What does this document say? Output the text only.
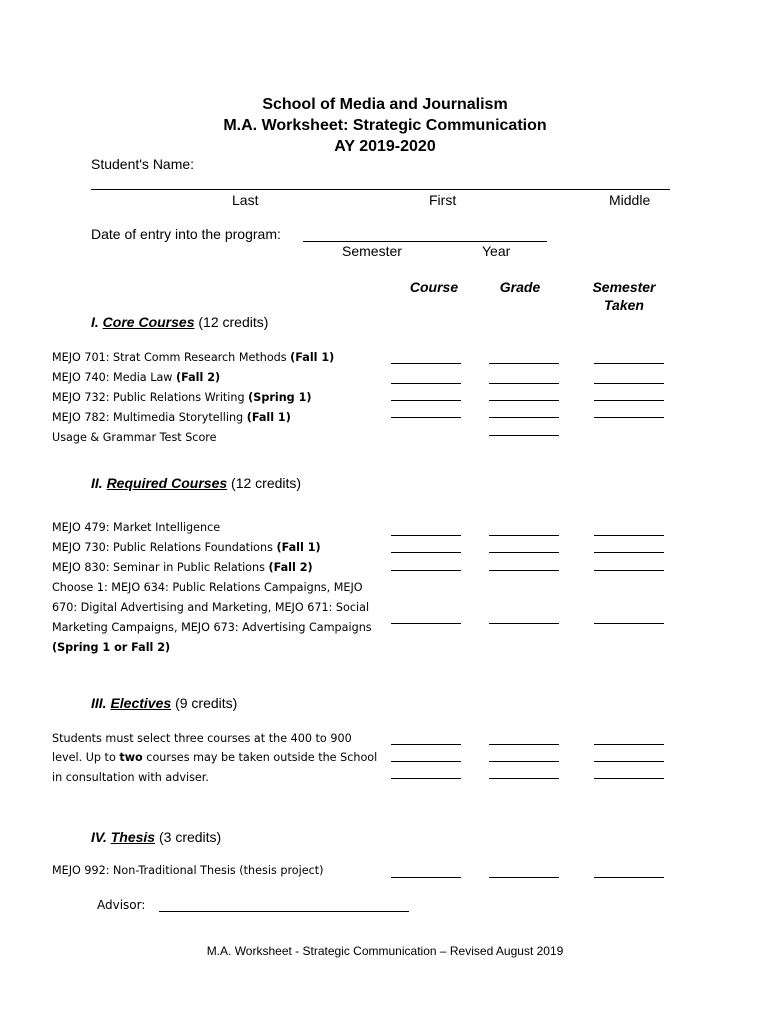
School of Media and Journalism
M.A. Worksheet: Strategic Communication
AY 2019-2020
Student's Name:
Last	First	Middle
Date of entry into the program:
Semester	Year
Course	Grade	Semester
Taken
I. Core Courses (12 credits)
MEJO 701: Strat Comm Research Methods (Fall 1)
MEJO 740: Media Law (Fall 2)
MEJO 732: Public Relations Writing (Spring 1)
MEJO 782: Multimedia Storytelling (Fall 1)
Usage & Grammar Test Score
II. Required Courses (12 credits)
MEJO 479: Market Intelligence
MEJO 730: Public Relations Foundations (Fall 1)
MEJO 830: Seminar in Public Relations (Fall 2)
Choose 1: MEJO 634: Public Relations Campaigns, MEJO
670: Digital Advertising and Marketing, MEJO 671: Social
Marketing Campaigns, MEJO 673: Advertising Campaigns
(Spring 1 or Fall 2)
III. Electives (9 credits)
Students must select three courses at the 400 to 900
level. Up to two courses may be taken outside the School
in consultation with adviser.
IV. Thesis (3 credits)
MEJO 992: Non-Traditional Thesis (thesis project)
Advisor:
M.A. Worksheet - Strategic Communication – Revised August 2019
